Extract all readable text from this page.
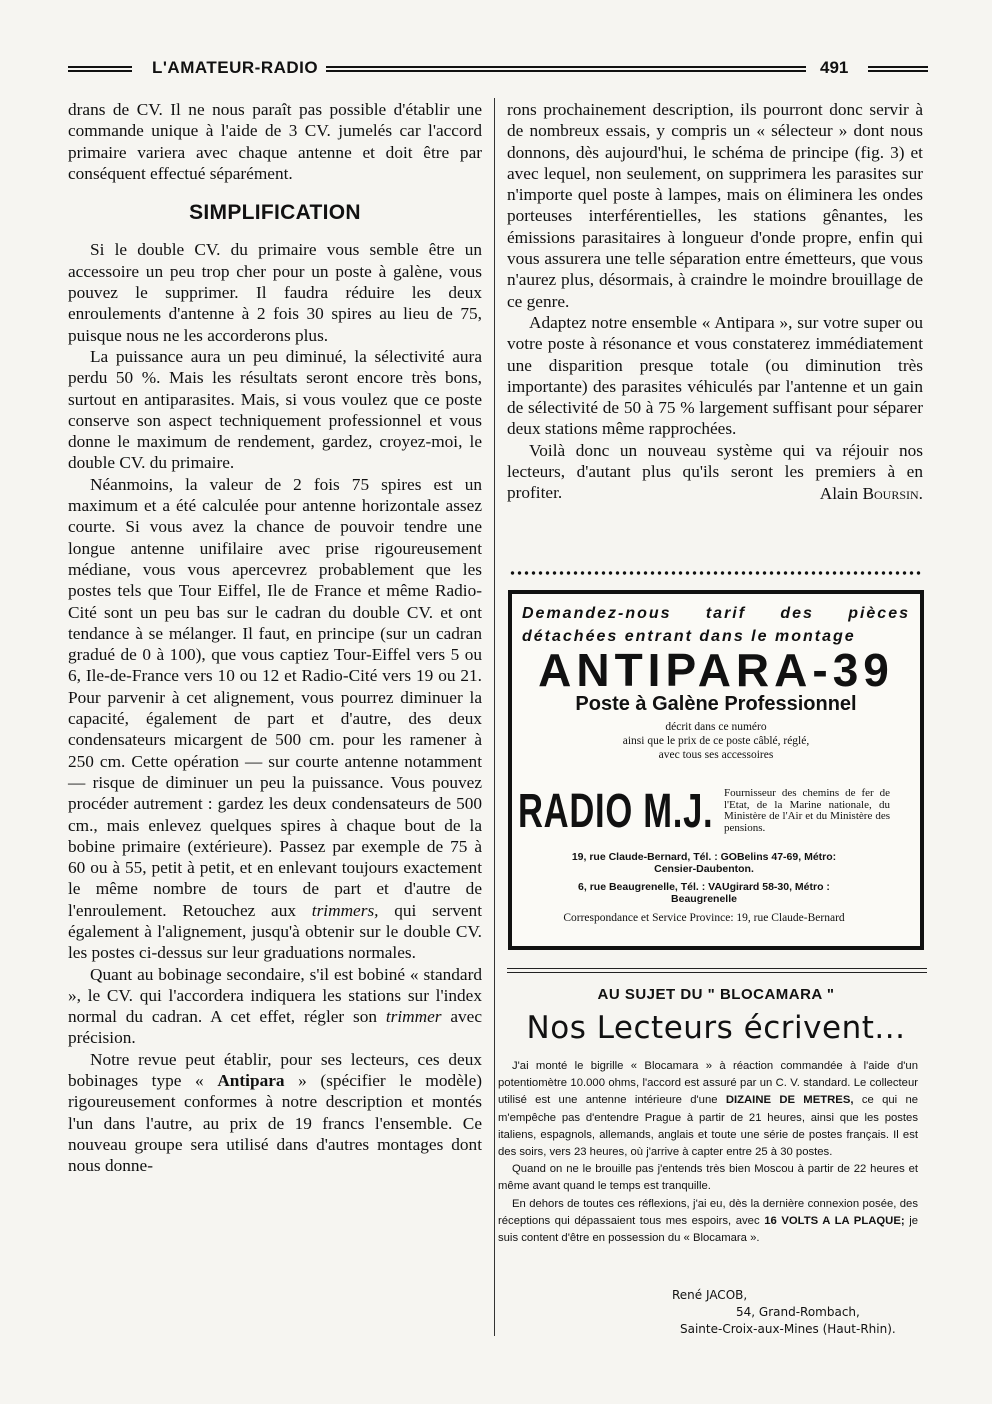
L'AMATEUR-RADIO	491

drans de CV. Il ne nous paraît pas possible d'établir une commande unique à l'aide de 3 CV. jumelés car l'accord primaire variera avec chaque antenne et doit être par conséquent effectué séparément.

SIMPLIFICATION

Si le double CV. du primaire vous semble être un accessoire un peu trop cher pour un poste à galène, vous pouvez le supprimer. Il faudra réduire les deux enroulements d'antenne à 2 fois 30 spires au lieu de 75, puisque nous ne les accorderons plus.

La puissance aura un peu diminué, la sélectivité aura perdu 50 %. Mais les résultats seront encore très bons, surtout en antiparasites. Mais, si vous voulez que ce poste conserve son aspect techniquement professionnel et vous donne le maximum de rendement, gardez, croyez-moi, le double CV. du primaire.

Néanmoins, la valeur de 2 fois 75 spires est un maximum et a été calculée pour antenne horizontale assez courte. Si vous avez la chance de pouvoir tendre une longue antenne unifilaire avec prise rigoureusement médiane, vous vous apercevrez probablement que les postes tels que Tour Eiffel, Ile de France et même Radio-Cité sont un peu bas sur le cadran du double CV. et ont tendance à se mélanger. Il faut, en principe (sur un cadran gradué de 0 à 100), que vous captiez Tour-Eiffel vers 5 ou 6, Ile-de-France vers 10 ou 12 et Radio-Cité vers 19 ou 21. Pour parvenir à cet alignement, vous pourrez diminuer la capacité, également de part et d'autre, des deux condensateurs micargent de 500 cm. pour les ramener à 250 cm. Cette opération — sur courte antenne notamment — risque de diminuer un peu la puissance. Vous pouvez procéder autrement : gardez les deux condensateurs de 500 cm., mais enlevez quelques spires à chaque bout de la bobine primaire (extérieure). Passez par exemple de 75 à 60 ou à 55, petit à petit, et en enlevant toujours exactement le même nombre de tours de part et d'autre de l'enroulement. Retouchez aux trimmers, qui servent également à l'alignement, jusqu'à obtenir sur le double CV. les postes ci-dessus sur leur graduations normales.

Quant au bobinage secondaire, s'il est bobiné « standard », le CV. qui l'accordera indiquera les stations sur l'index normal du cadran. A cet effet, régler son trimmer avec précision.

Notre revue peut établir, pour ses lecteurs, ces deux bobinages type « Antipara » (spécifier le modèle) rigoureusement conformes à notre description et montés l'un dans l'autre, au prix de 19 francs l'ensemble. Ce nouveau groupe sera utilisé dans d'autres montages dont nous donne-

rons prochainement description, ils pourront donc servir à de nombreux essais, y compris un « sélecteur » dont nous donnons, dès aujourd'hui, le schéma de principe (fig. 3) et avec lequel, non seulement, on supprimera les parasites sur n'importe quel poste à lampes, mais on éliminera les ondes porteuses interférentielles, les stations gênantes, les émissions parasitaires à longueur d'onde propre, enfin qui vous assurera une telle séparation entre émetteurs, que vous n'aurez plus, désormais, à craindre le moindre brouillage de ce genre.

Adaptez notre ensemble « Antipara », sur votre super ou votre poste à résonance et vous constaterez immédiatement une disparition presque totale (ou diminution très importante) des parasites véhiculés par l'antenne et un gain de sélectivité de 50 à 75 % largement suffisant pour séparer deux stations même rapprochées.

Voilà donc un nouveau système qui va réjouir nos lecteurs, d'autant plus qu'ils seront les premiers à en profiter.	Alain Boursin.

Demandez-nous tarif des pièces détachées entrant dans le montage
ANTIPARA-39
Poste à Galène Professionnel
décrit dans ce numéro
ainsi que le prix de ce poste câblé, réglé,
avec tous ses accessoires
RADIO M.J. Fournisseur des chemins de fer de l'Etat, de la Marine nationale, du Ministère de l'Air et du Ministère des pensions.
19, rue Claude-Bernard, Tél. : GOBelins 47-69, Métro:
Censier-Daubenton.
6, rue Beaugrenelle, Tél. : VAUgirard 58-30, Métro :
Beaugrenelle
Correspondance et Service Province: 19, rue Claude-Bernard
AU SUJET DU " BLOCAMARA "
Nos Lecteurs écrivent...

J'ai monté le bigrille « Blocamara » à réaction commandée à l'aide d'un potentiomètre 10.000 ohms, l'accord est assuré par un C. V. standard. Le collecteur utilisé est une antenne intérieure d'une DIZAINE DE METRES, ce qui ne m'empêche pas d'entendre Prague à partir de 21 heures, ainsi que les postes italiens, espagnols, allemands, anglais et toute une série de postes français. Il est des soirs, vers 23 heures, où j'arrive à capter entre 25 à 30 postes.

Quand on ne le brouille pas j'entends très bien Moscou à partir de 22 heures et même avant quand le temps est tranquille.

En dehors de toutes ces réflexions, j'ai eu, dès la dernière connexion posée, des réceptions qui dépassaient tous mes espoirs, avec 16 VOLTS A LA PLAQUE; je suis content d'être en possession du « Blocamara ».

René JACOB,
54, Grand-Rombach,
Sainte-Croix-aux-Mines (Haut-Rhin).
